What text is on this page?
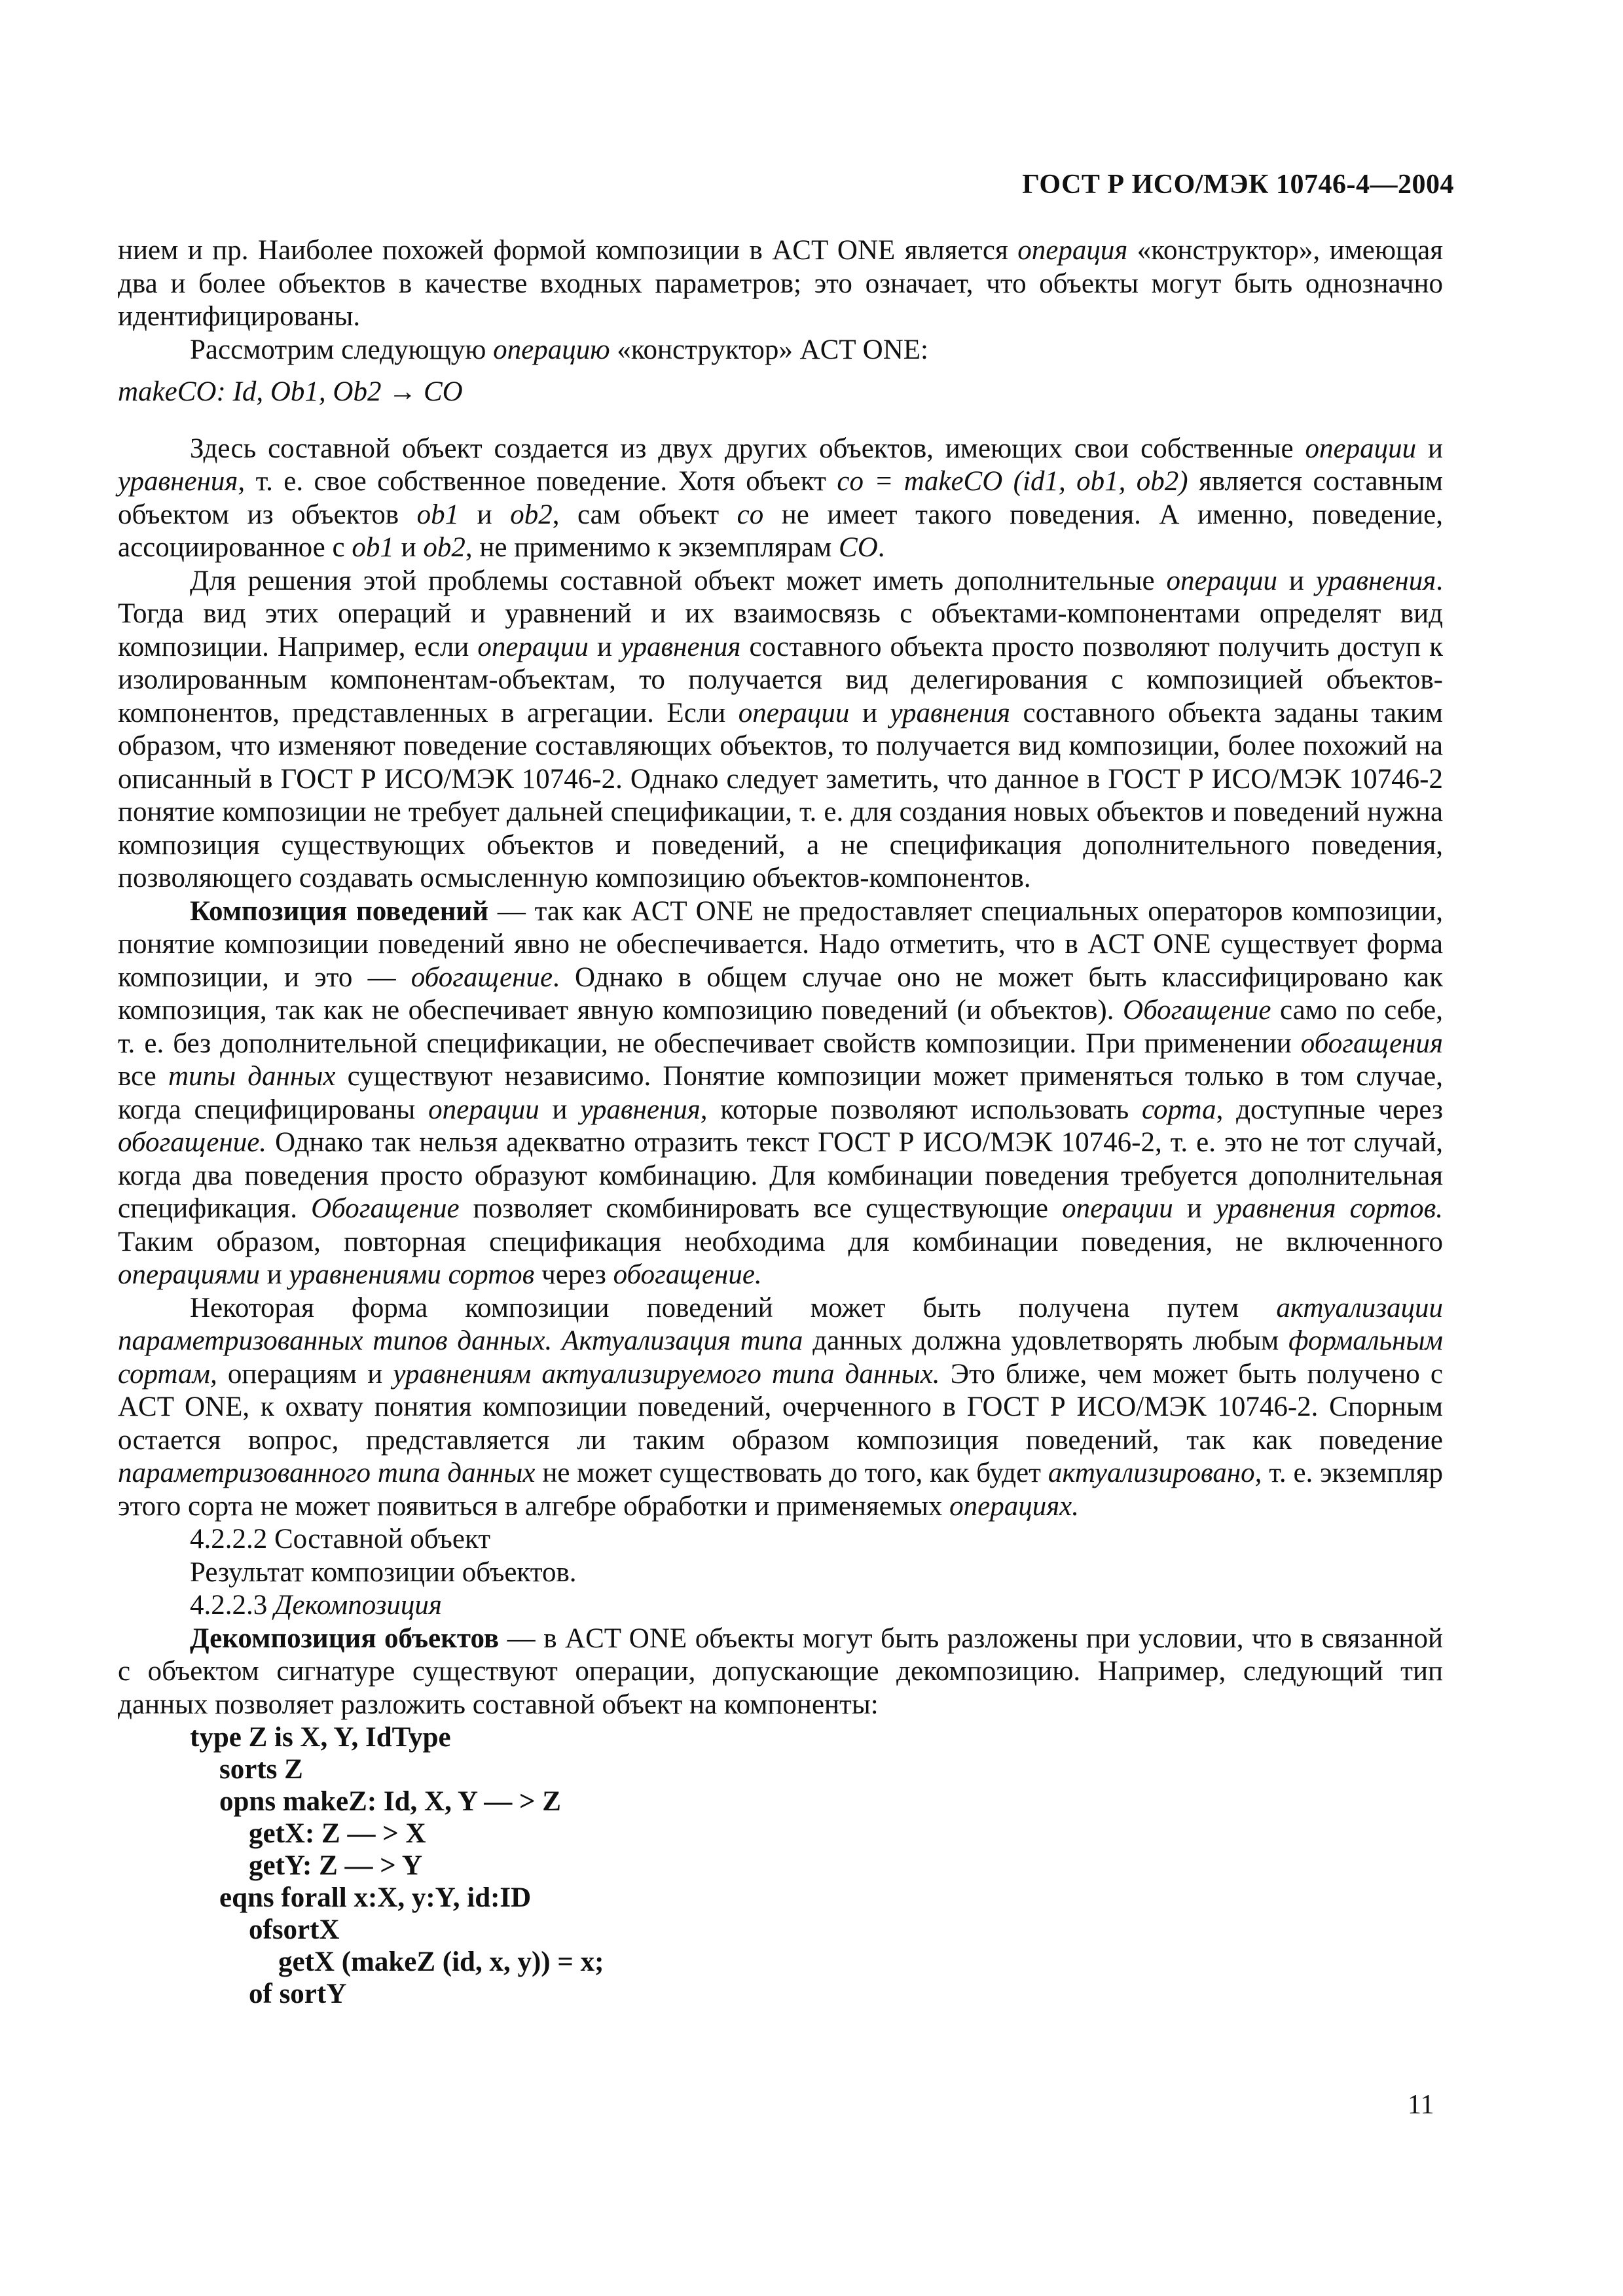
ГОСТ Р ИСО/МЭК 10746-4—2004

нием и пр. Наиболее похожей формой композиции в ACT ONE является операция «конструктор», имеющая два и более объектов в качестве входных параметров; это означает, что объекты могут быть однозначно идентифицированы.

Рассмотрим следующую операцию «конструктор» ACT ONE:

makeCO: Id, Ob1, Ob2 → CO

Здесь составной объект создается из двух других объектов, имеющих свои собственные операции и уравнения, т. е. свое собственное поведение. Хотя объект co = makeCO (id1, ob1, ob2) является составным объектом из объектов ob1 и ob2, сам объект co не имеет такого поведения. А именно, поведение, ассоциированное с ob1 и ob2, не применимо к экземплярам CO.

Для решения этой проблемы составной объект может иметь дополнительные операции и уравнения. Тогда вид этих операций и уравнений и их взаимосвязь с объектами-компонентами определят вид композиции. Например, если операции и уравнения составного объекта просто позволяют получить доступ к изолированным компонентам-объектам, то получается вид делегирования с композицией объектов-компонентов, представленных в агрегации. Если операции и уравнения составного объекта заданы таким образом, что изменяют поведение составляющих объектов, то получается вид композиции, более похожий на описанный в ГОСТ Р ИСО/МЭК 10746-2. Однако следует заметить, что данное в ГОСТ Р ИСО/МЭК 10746-2 понятие композиции не требует дальней спецификации, т. е. для создания новых объектов и поведений нужна композиция существующих объектов и поведений, а не спецификация дополнительного поведения, позволяющего создавать осмысленную композицию объектов-компонентов.

Композиция поведений — так как ACT ONE не предоставляет специальных операторов композиции, понятие композиции поведений явно не обеспечивается. Надо отметить, что в ACT ONE существует форма композиции, и это — обогащение. Однако в общем случае оно не может быть классифицировано как композиция, так как не обеспечивает явную композицию поведений (и объектов). Обогащение само по себе, т. е. без дополнительной спецификации, не обеспечивает свойств композиции. При применении обогащения все типы данных существуют независимо. Понятие композиции может применяться только в том случае, когда специфицированы операции и уравнения, которые позволяют использовать сорта, доступные через обогащение. Однако так нельзя адекватно отразить текст ГОСТ Р ИСО/МЭК 10746-2, т. е. это не тот случай, когда два поведения просто образуют комбинацию. Для комбинации поведения требуется дополнительная спецификация. Обогащение позволяет скомбинировать все существующие операции и уравнения сортов. Таким образом, повторная спецификация необходима для комбинации поведения, не включенного операциями и уравнениями сортов через обогащение.

Некоторая форма композиции поведений может быть получена путем актуализации параметризованных типов данных. Актуализация типа данных должна удовлетворять любым формальным сортам, операциям и уравнениям актуализируемого типа данных. Это ближе, чем может быть получено с ACT ONE, к охвату понятия композиции поведений, очерченного в ГОСТ Р ИСО/МЭК 10746-2. Спорным остается вопрос, представляется ли таким образом композиция поведений, так как поведение параметризованного типа данных не может существовать до того, как будет актуализировано, т. е. экземпляр этого сорта не может появиться в алгебре обработки и применяемых операциях.

4.2.2.2 Составной объект

Результат композиции объектов.

4.2.2.3 Декомпозиция

Декомпозиция объектов — в ACT ONE объекты могут быть разложены при условии, что в связанной с объектом сигнатуре существуют операции, допускающие декомпозицию. Например, следующий тип данных позволяет разложить составной объект на компоненты:

type Z is X, Y, IdType
sorts Z
opns makeZ: Id, X, Y — > Z
getX: Z — > X
getY: Z — > Y
eqns forall x:X, y:Y, id:ID
ofsortX
getX (makeZ (id, x, y)) = x;
of sortY
11
